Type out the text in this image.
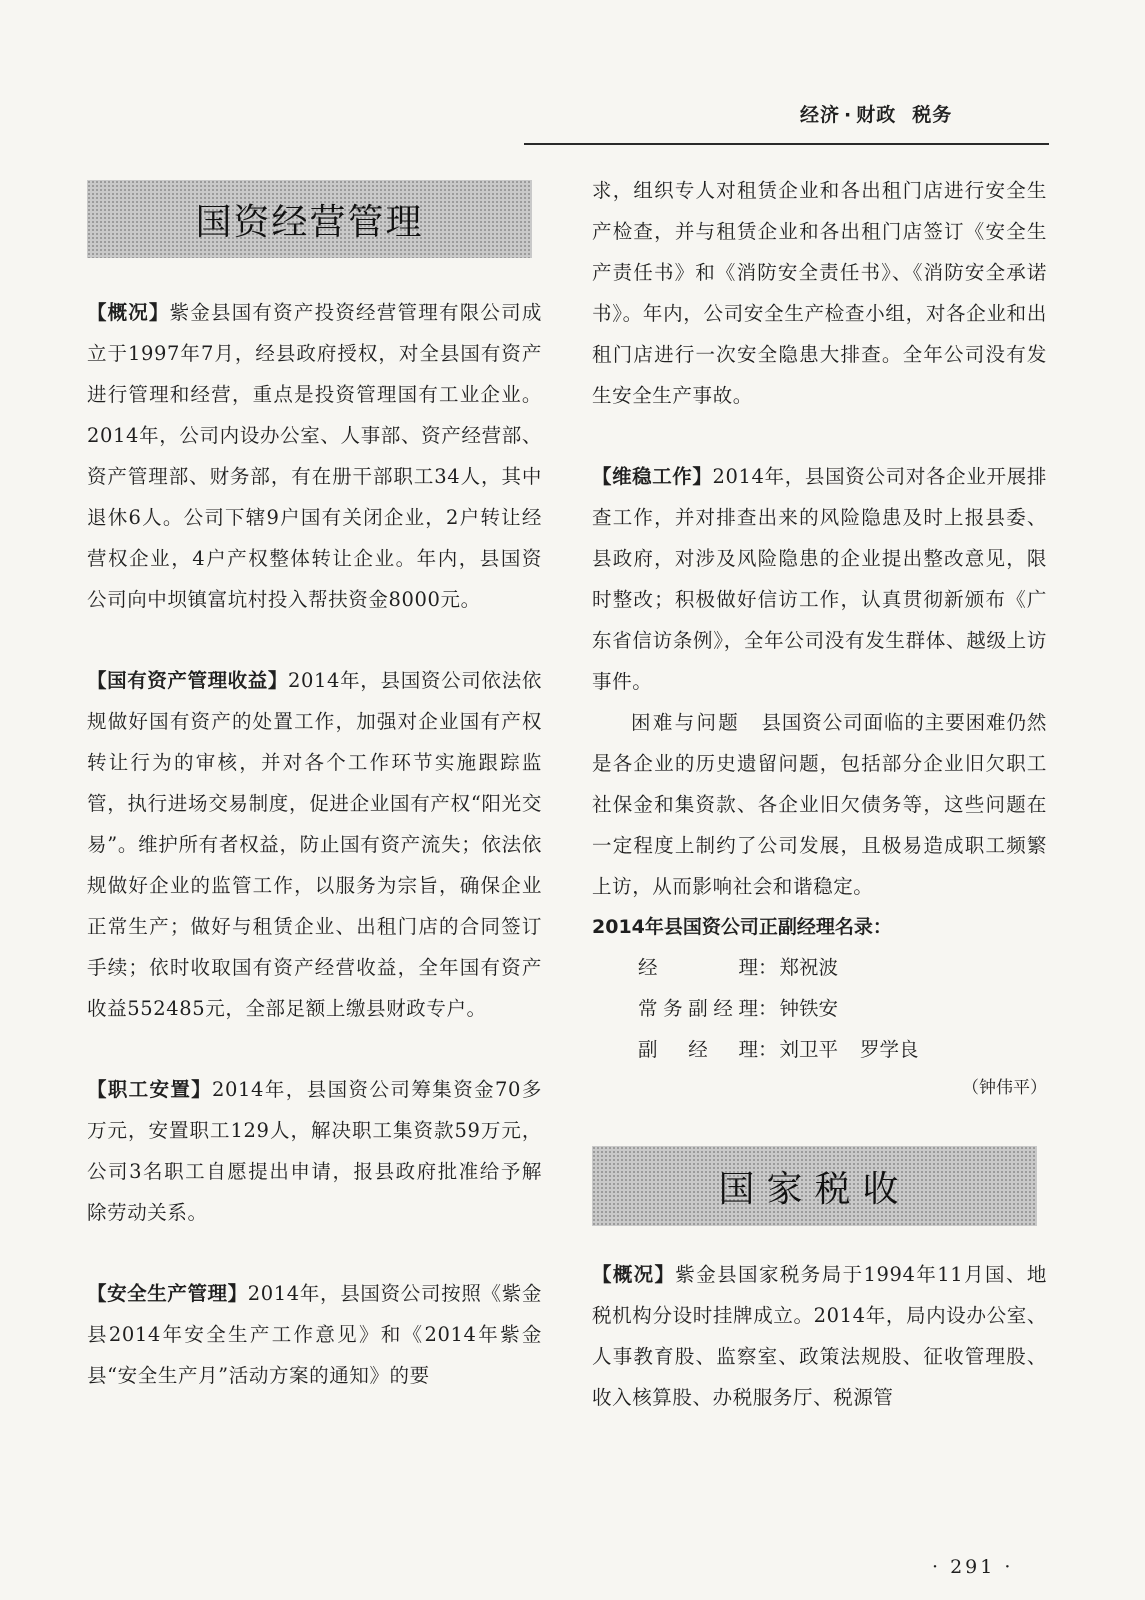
经济 · 财政 税务
国资经营管理

【概况】紫金县国有资产投资经营管理有限公司成立于1997年7月，经县政府授权，对全县国有资产进行管理和经营，重点是投资管理国有工业企业。2014年，公司内设办公室、人事部、资产经营部、资产管理部、财务部，有在册干部职工34人，其中退休6人。公司下辖9户国有关闭企业，2户转让经营权企业，4户产权整体转让企业。年内，县国资公司向中坝镇富坑村投入帮扶资金8000元。

【国有资产管理收益】2014年，县国资公司依法依规做好国有资产的处置工作，加强对企业国有产权转让行为的审核，并对各个工作环节实施跟踪监管，执行进场交易制度，促进企业国有产权“阳光交易”。维护所有者权益，防止国有资产流失；依法依规做好企业的监管工作，以服务为宗旨，确保企业正常生产；做好与租赁企业、出租门店的合同签订手续；依时收取国有资产经营收益，全年国有资产收益552485元，全部足额上缴县财政专户。

【职工安置】2014年，县国资公司筹集资金70多万元，安置职工129人，解决职工集资款59万元，公司3名职工自愿提出申请，报县政府批准给予解除劳动关系。

【安全生产管理】2014年，县国资公司按照《紫金县2014年安全生产工作意见》和《2014年紫金县“安全生产月”活动方案的通知》的要

求，组织专人对租赁企业和各出租门店进行安全生产检查，并与租赁企业和各出租门店签订《安全生产责任书》和《消防安全责任书》、《消防安全承诺书》。年内，公司安全生产检查小组，对各企业和出租门店进行一次安全隐患大排查。全年公司没有发生安全生产事故。

【维稳工作】2014年，县国资公司对各企业开展排查工作，并对排查出来的风险隐患及时上报县委、县政府，对涉及风险隐患的企业提出整改意见，限时整改；积极做好信访工作，认真贯彻新颁布《广东省信访条例》，全年公司没有发生群体、越级上访事件。

困难与问题 县国资公司面临的主要困难仍然是各企业的历史遗留问题，包括部分企业旧欠职工社保金和集资款、各企业旧欠债务等，这些问题在一定程度上制约了公司发展，且极易造成职工频繁上访，从而影响社会和谐稳定。

2014年县国资公司正副经理名录：
经理 ： 郑祝波
常务副经理 ： 钟铁安
副经理 ： 刘卫平 罗学良
（钟伟平）
国家税收

【概况】紫金县国家税务局于1994年11月国、地税机构分设时挂牌成立。2014年，局内设办公室、人事教育股、监察室、政策法规股、征收管理股、收入核算股、办税服务厅、税源管

· 291 ·
